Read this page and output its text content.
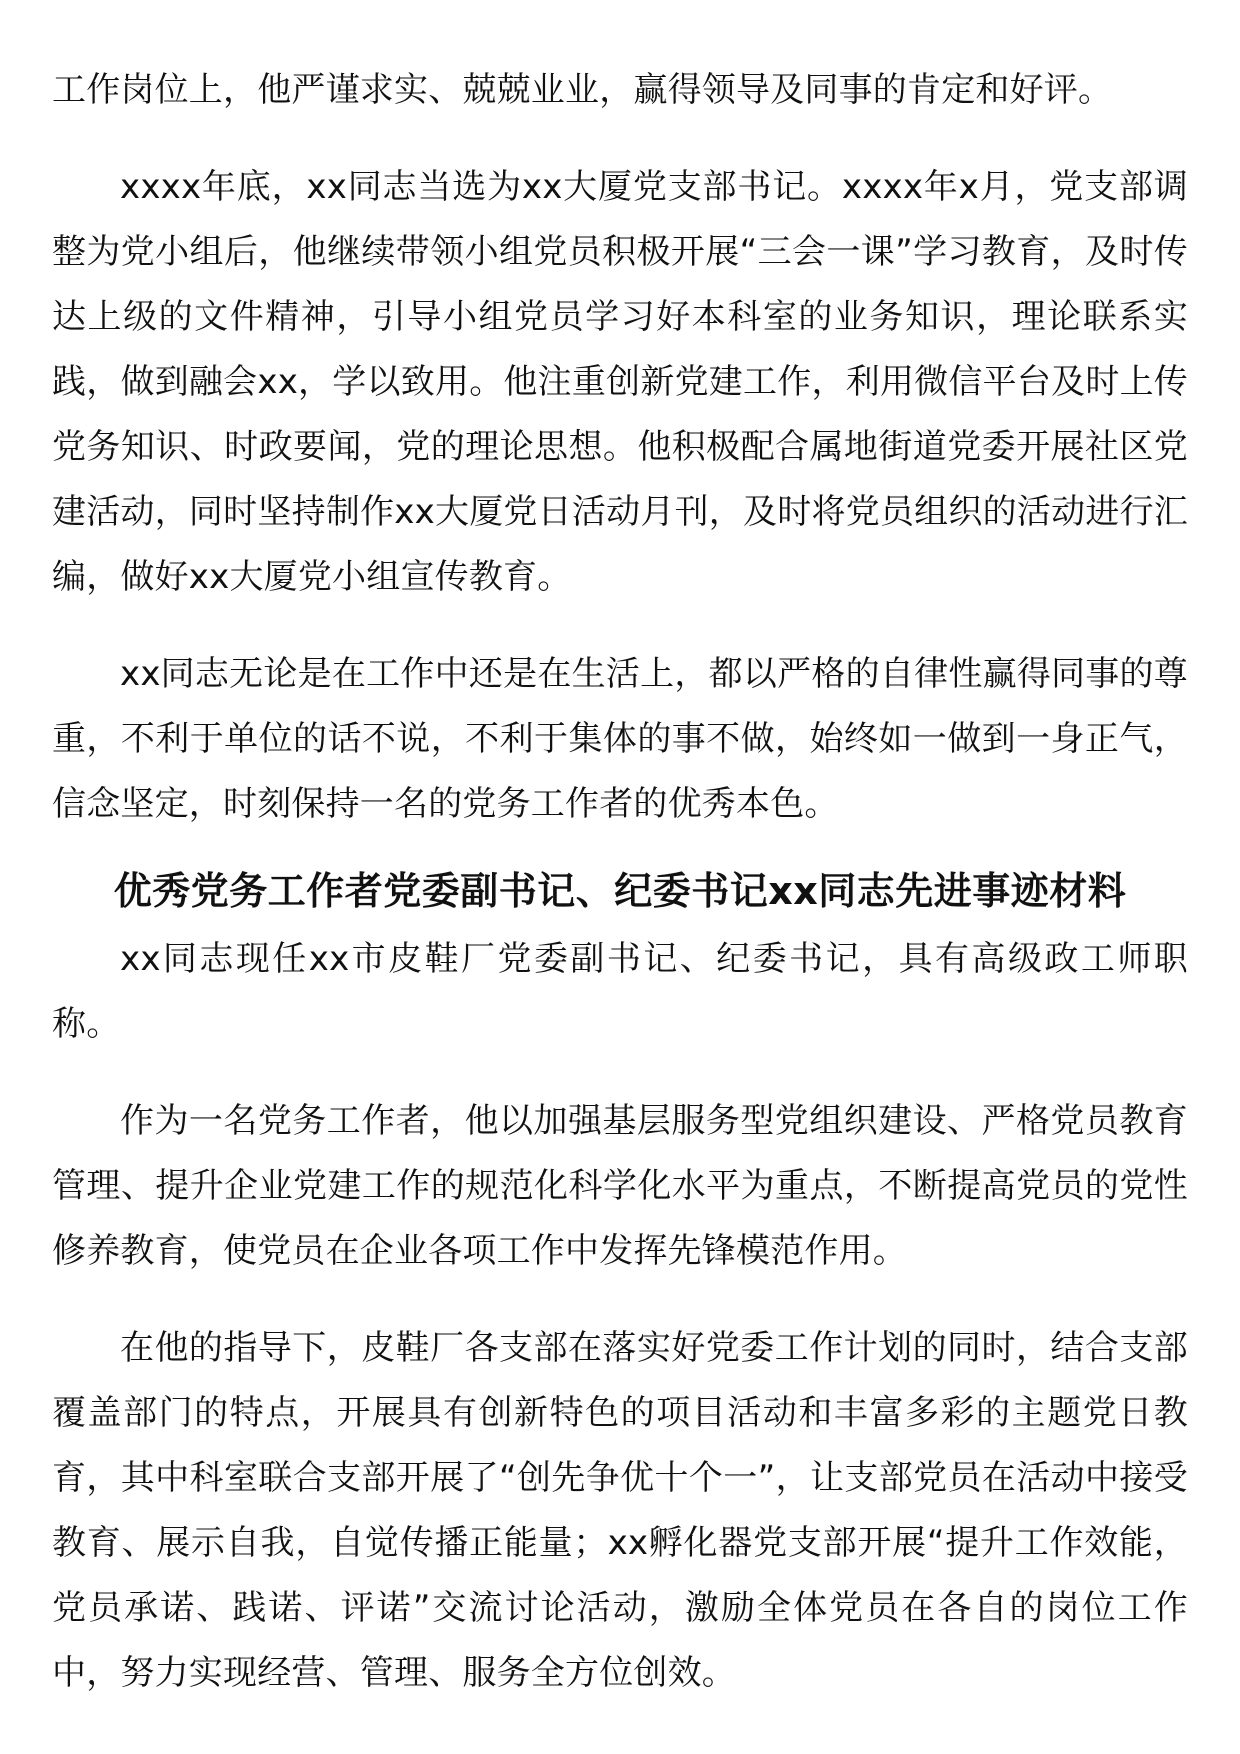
工作岗位上，他严谨求实、兢兢业业，赢得领导及同事的肯定和好评。

xxxx年底，xx同志当选为xx大厦党支部书记。xxxx年x月，党支部调整为党小组后，他继续带领小组党员积极开展“三会一课”学习教育，及时传达上级的文件精神，引导小组党员学习好本科室的业务知识，理论联系实践，做到融会xx，学以致用。他注重创新党建工作，利用微信平台及时上传党务知识、时政要闻，党的理论思想。他积极配合属地街道党委开展社区党建活动，同时坚持制作xx大厦党日活动月刊，及时将党员组织的活动进行汇编，做好xx大厦党小组宣传教育。

xx同志无论是在工作中还是在生活上，都以严格的自律性赢得同事的尊重，不利于单位的话不说，不利于集体的事不做，始终如一做到一身正气，信念坚定，时刻保持一名的党务工作者的优秀本色。

优秀党务工作者党委副书记、纪委书记xx同志先进事迹材料

xx同志现任xx市皮鞋厂党委副书记、纪委书记，具有高级政工师职称。

作为一名党务工作者，他以加强基层服务型党组织建设、严格党员教育管理、提升企业党建工作的规范化科学化水平为重点，不断提高党员的党性修养教育，使党员在企业各项工作中发挥先锋模范作用。

在他的指导下，皮鞋厂各支部在落实好党委工作计划的同时，结合支部覆盖部门的特点，开展具有创新特色的项目活动和丰富多彩的主题党日教育，其中科室联合支部开展了“创先争优十个一”，让支部党员在活动中接受教育、展示自我，自觉传播正能量；xx孵化器党支部开展“提升工作效能，党员承诺、践诺、评诺”交流讨论活动，激励全体党员在各自的岗位工作中，努力实现经营、管理、服务全方位创效。
